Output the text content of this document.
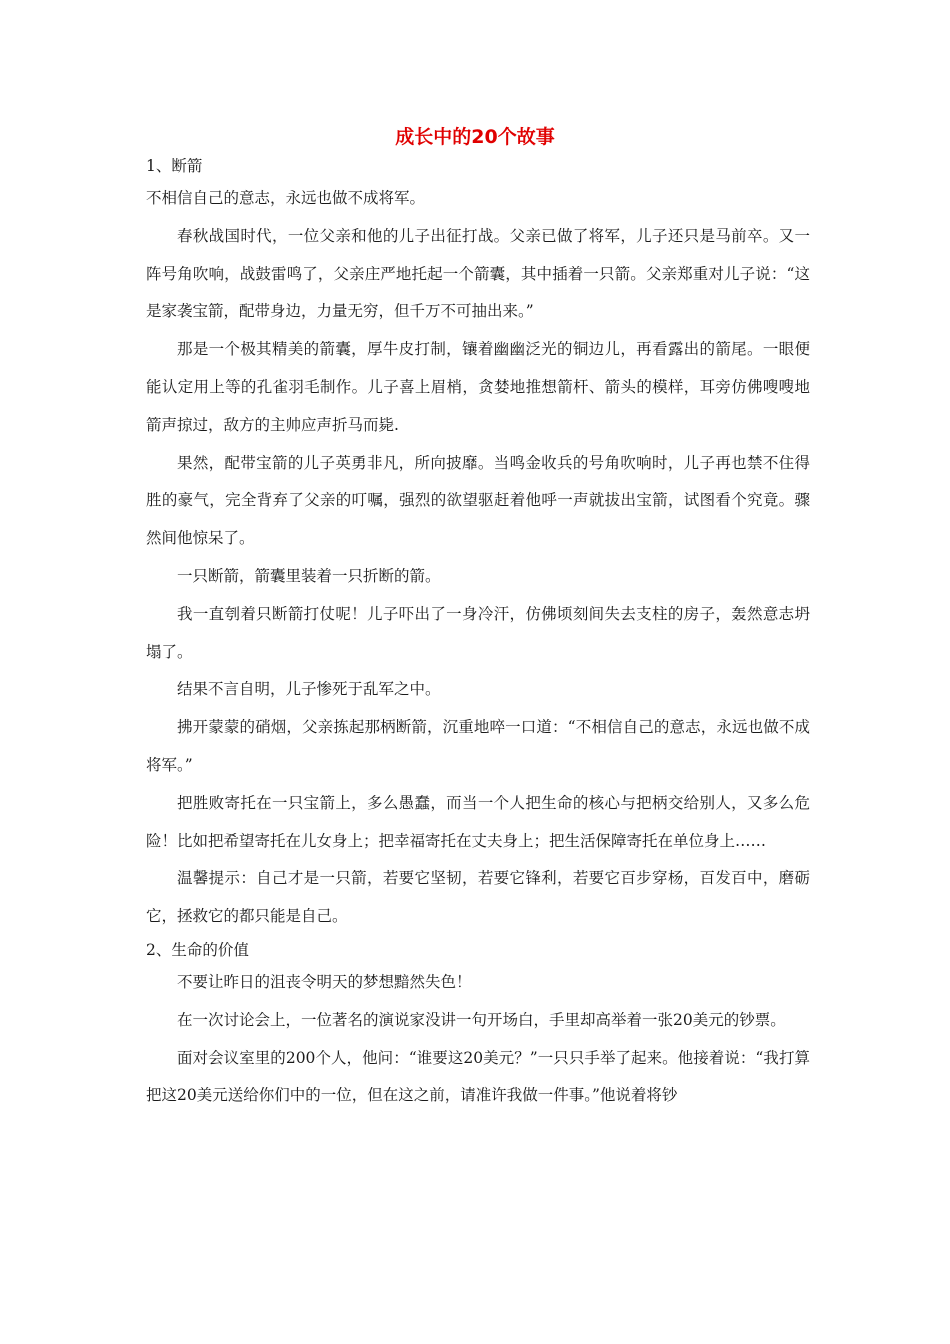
成长中的20个故事

1、断箭

不相信自己的意志，永远也做不成将军。

春秋战国时代，一位父亲和他的儿子出征打战。父亲已做了将军，儿子还只是马前卒。又一阵号角吹响，战鼓雷鸣了，父亲庄严地托起一个箭囊，其中插着一只箭。父亲郑重对儿子说：“这是家袭宝箭，配带身边，力量无穷，但千万不可抽出来。”

那是一个极其精美的箭囊，厚牛皮打制，镶着幽幽泛光的铜边儿，再看露出的箭尾。一眼便能认定用上等的孔雀羽毛制作。儿子喜上眉梢，贪婪地推想箭杆、箭头的模样，耳旁仿佛嗖嗖地箭声掠过，敌方的主帅应声折马而毙.

果然，配带宝箭的儿子英勇非凡，所向披靡。当鸣金收兵的号角吹响时，儿子再也禁不住得胜的豪气，完全背弃了父亲的叮嘱，强烈的欲望驱赶着他呼一声就拔出宝箭，试图看个究竟。骤然间他惊呆了。

一只断箭，箭囊里装着一只折断的箭。

我一直刳着只断箭打仗呢！儿子吓出了一身冷汗，仿佛顷刻间失去支柱的房子，轰然意志坍塌了。

结果不言自明，儿子惨死于乱军之中。

拂开蒙蒙的硝烟，父亲拣起那柄断箭，沉重地啐一口道：“不相信自己的意志，永远也做不成将军。”

把胜败寄托在一只宝箭上，多么愚蠢，而当一个人把生命的核心与把柄交给别人，又多么危险！比如把希望寄托在儿女身上；把幸福寄托在丈夫身上；把生活保障寄托在单位身上……

温馨提示：自己才是一只箭，若要它坚韧，若要它锋利，若要它百步穿杨，百发百中，磨砺它，拯救它的都只能是自己。

2、生命的价值

不要让昨日的沮丧令明天的梦想黯然失色！

在一次讨论会上，一位著名的演说家没讲一句开场白，手里却高举着一张20美元的钞票。

面对会议室里的200个人，他问：“谁要这20美元？”一只只手举了起来。他接着说：“我打算把这20美元送给你们中的一位，但在这之前，请准许我做一件事。”他说着将钞
